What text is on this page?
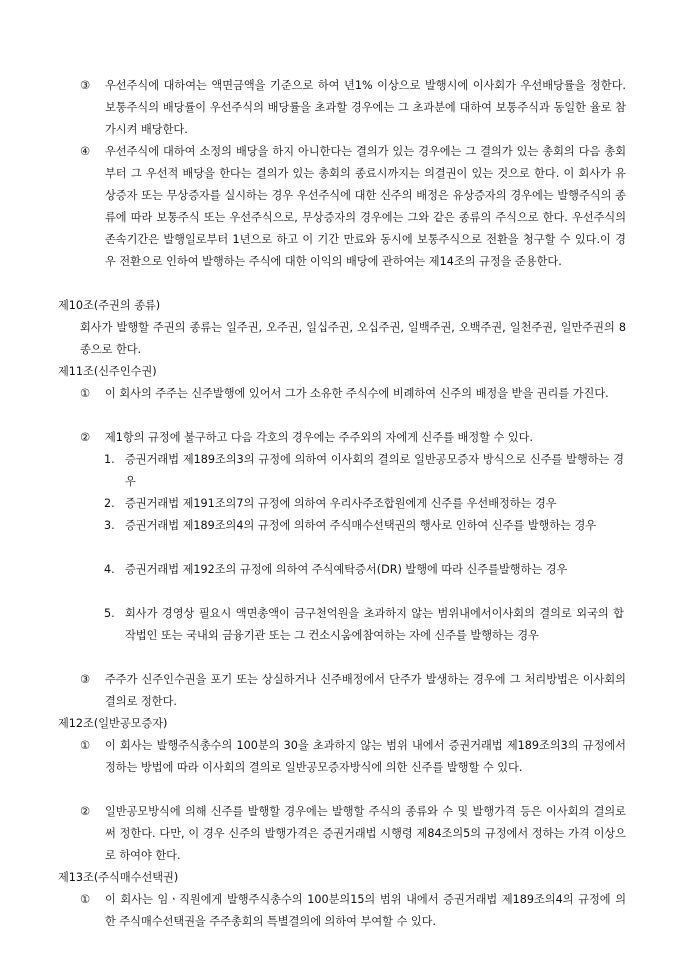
③	우선주식에 대하여는 액면금액을 기준으로 하여 년1% 이상으로 발행시에 이사회가 우선배당률을 정한다. 보통주식의 배당률이 우선주식의 배당률을 초과할 경우에는 그 초과분에 대하여 보통주식과 동일한 율로 참가시켜 배당한다.
④	우선주식에 대하여 소정의 배당을 하지 아니한다는 결의가 있는 경우에는 그 결의가 있는 총회의 다음 총회부터 그 우선적 배당을 한다는 결의가 있는 총회의 종료시까지는 의결권이 있는 것으로 한다. 이 회사가 유상증자 또는 무상증자를 실시하는 경우 우선주식에 대한 신주의 배정은 유상증자의 경우에는 발행주식의 종류에 따라 보통주식 또는 우선주식으로, 무상증자의 경우에는 그와 같은 종류의 주식으로 한다. 우선주식의 존속기간은 발행일로부터 1년으로 하고 이 기간 만료와 동시에 보통주식으로 전환을 청구할 수 있다.이 경우 전환으로 인하여 발행하는 주식에 대한 이익의 배당에 관하여는 제14조의 규정을 준용한다.
제10조(주권의 종류)
회사가 발행할 주권의 종류는 일주권, 오주권, 일십주권, 오십주권, 일백주권, 오백주권, 일천주권, 일만주권의 8종으로 한다.
제11조(신주인수권)
①	이 회사의 주주는 신주발행에 있어서 그가 소유한 주식수에 비례하여 신주의 배정을 받을 권리를 가진다.
②	제1항의 규정에 불구하고 다음 각호의 경우에는 주주외의 자에게 신주를 배정할 수 있다.
1. 증권거래법 제189조의3의 규정에 의하여 이사회의 결의로 일반공모증자 방식으로 신주를 발행하는 경우
2. 증권거래법 제191조의7의 규정에 의하여 우리사주조합원에게 신주를 우선배정하는 경우
3. 증권거래법 제189조의4의 규정에 의하여 주식매수선택권의 행사로 인하여 신주를 발행하는 경우
4. 증권거래법 제192조의 규정에 의하여 주식예탁증서(DR) 발행에 따라 신주를발행하는 경우
5. 회사가 경영상 필요시 액면총액이 금구천억원을 초과하지 않는 범위내에서이사회의 결의로 외국의 합작법인 또는 국내외 금융기관 또는 그 컨소시움에참여하는 자에 신주를 발행하는 경우
③	주주가 신주인수권을 포기 또는 상실하거나 신주배정에서 단주가 발생하는 경우에 그 처리방법은 이사회의 결의로 정한다.
제12조(일반공모증자)
①	이 회사는 발행주식총수의 100분의 30을 초과하지 않는 범위 내에서 증권거래법 제189조의3의 규정에서 정하는 방법에 따라 이사회의 결의로 일반공모증자방식에 의한 신주를 발행할 수 있다.
②	일반공모방식에 의해 신주를 발행할 경우에는 발행할 주식의 종류와 수 및 발행가격 등은 이사회의 결의로써 정한다. 다만, 이 경우 신주의 발행가격은 증권거래법 시행령 제84조의5의 규정에서 정하는 가격 이상으로 하여야 한다.
제13조(주식매수선택권)
①	이 회사는 임ㆍ직원에게 발행주식총수의 100분의15의 범위 내에서 증권거래법 제189조의4의 규정에 의한 주식매수선택권을 주주총회의 특별결의에 의하여 부여할 수 있다.
